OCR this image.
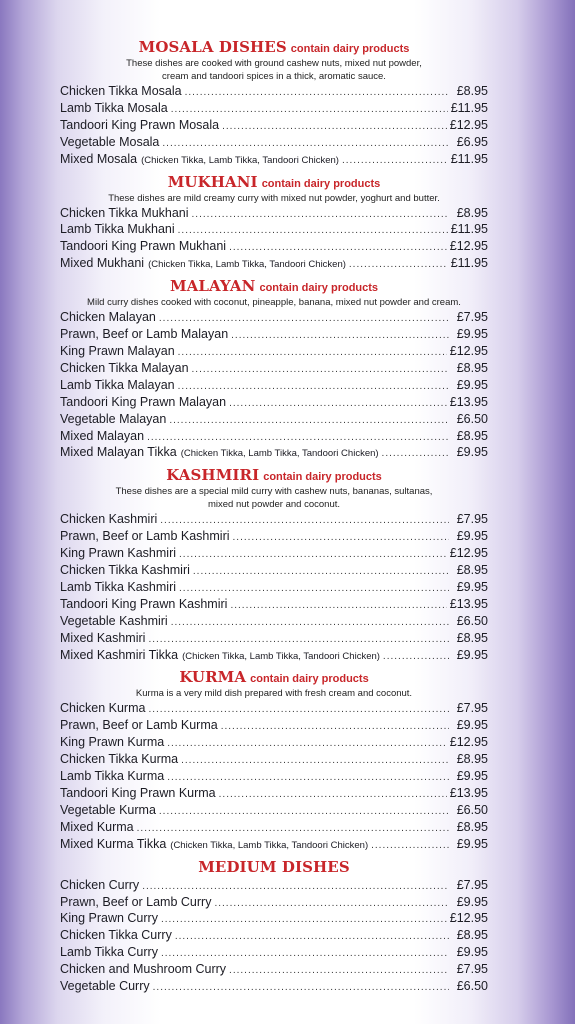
MOSALA DISHES contain dairy products
These dishes are cooked with ground cashew nuts, mixed nut powder,
cream and tandoori spices in a thick, aromatic sauce.
Chicken Tikka Mosala .....	£8.95
Lamb Tikka Mosala .....	£11.95
Tandoori King Prawn Mosala .....	£12.95
Vegetable Mosala .....	£6.95
Mixed Mosala (Chicken Tikka, Lamb Tikka, Tandoori Chicken) .....	£11.95
MUKHANI contain dairy products
These dishes are mild creamy curry with mixed nut powder, yoghurt and butter.
Chicken Tikka Mukhani .....	£8.95
Lamb Tikka Mukhani .....	£11.95
Tandoori King Prawn Mukhani .....	£12.95
Mixed Mukhani (Chicken Tikka, Lamb Tikka, Tandoori Chicken) .....	£11.95
MALAYAN contain dairy products
Mild curry dishes cooked with coconut, pineapple, banana, mixed nut powder and cream.
Chicken Malayan .....	£7.95
Prawn, Beef or Lamb Malayan .....	£9.95
King Prawn Malayan .....	£12.95
Chicken Tikka Malayan .....	£8.95
Lamb Tikka Malayan .....	£9.95
Tandoori King Prawn Malayan .....	£13.95
Vegetable Malayan .....	£6.50
Mixed Malayan .....	£8.95
Mixed Malayan Tikka (Chicken Tikka, Lamb Tikka, Tandoori Chicken) .....	£9.95
KASHMIRI contain dairy products
These dishes are a special mild curry with cashew nuts, bananas, sultanas,
mixed nut powder and coconut.
Chicken Kashmiri .....	£7.95
Prawn, Beef or Lamb Kashmiri .....	£9.95
King Prawn Kashmiri .....	£12.95
Chicken Tikka Kashmiri .....	£8.95
Lamb Tikka Kashmiri .....	£9.95
Tandoori King Prawn Kashmiri .....	£13.95
Vegetable Kashmiri .....	£6.50
Mixed Kashmiri .....	£8.95
Mixed Kashmiri Tikka (Chicken Tikka, Lamb Tikka, Tandoori Chicken) .....	£9.95
KURMA contain dairy products
Kurma is a very mild dish prepared with fresh cream and coconut.
Chicken Kurma .....	£7.95
Prawn, Beef or Lamb Kurma .....	£9.95
King Prawn Kurma .....	£12.95
Chicken Tikka Kurma .....	£8.95
Lamb Tikka Kurma .....	£9.95
Tandoori King Prawn Kurma .....	£13.95
Vegetable Kurma .....	£6.50
Mixed Kurma .....	£8.95
Mixed Kurma Tikka (Chicken Tikka, Lamb Tikka, Tandoori Chicken) .....	£9.95
MEDIUM DISHES
Chicken Curry .....	£7.95
Prawn, Beef or Lamb Curry .....	£9.95
King Prawn Curry .....	£12.95
Chicken Tikka Curry .....	£8.95
Lamb Tikka Curry .....	£9.95
Chicken and Mushroom Curry .....	£7.95
Vegetable Curry .....	£6.50
